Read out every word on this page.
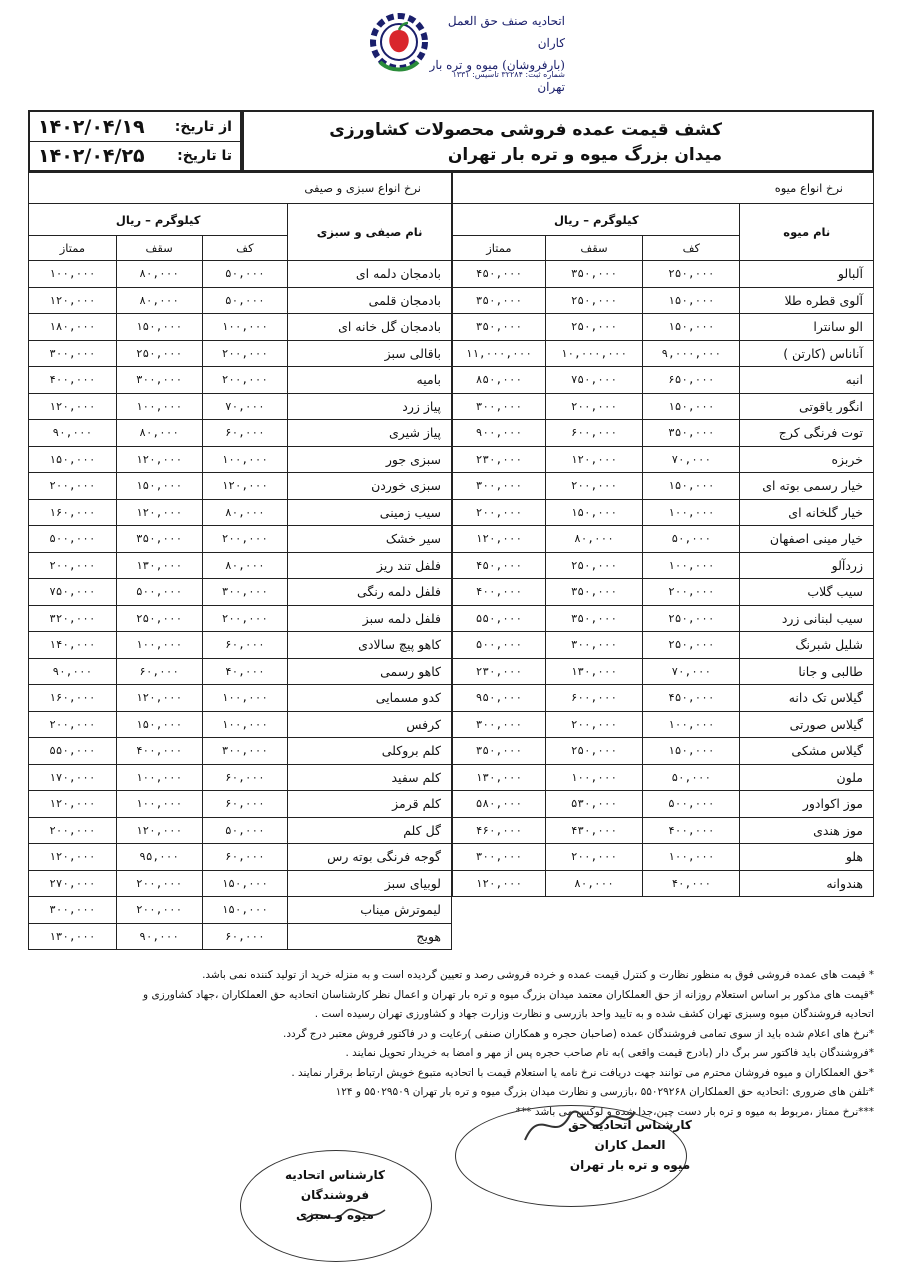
اتحادیه صنف حق العمل کاران
(بارفروشان) میوه و تره بار تهران
شماره ثبت: ۳۲۲۸۴ تاسیس: ۱۳۳۱
از تاریخ:
۱۴۰۲/۰۴/۱۹
تا تاریخ:
۱۴۰۲/۰۴/۲۵
کشف قیمت عمده فروشی محصولات کشاورزی
میدان بزرگ میوه و تره بار تهران
نرخ انواع میوه			
نام میوه	کیلوگرم – ریال		
	کف	سقف	ممتاز
آلبالو	۲۵۰,۰۰۰	۳۵۰,۰۰۰	۴۵۰,۰۰۰
آلوی قطره طلا	۱۵۰,۰۰۰	۲۵۰,۰۰۰	۳۵۰,۰۰۰
الو سانترا	۱۵۰,۰۰۰	۲۵۰,۰۰۰	۳۵۰,۰۰۰
آناناس (کارتن )	۹,۰۰۰,۰۰۰	۱۰,۰۰۰,۰۰۰	۱۱,۰۰۰,۰۰۰
انبه	۶۵۰,۰۰۰	۷۵۰,۰۰۰	۸۵۰,۰۰۰
انگور یاقوتی	۱۵۰,۰۰۰	۲۰۰,۰۰۰	۳۰۰,۰۰۰
توت فرنگی کرج	۳۵۰,۰۰۰	۶۰۰,۰۰۰	۹۰۰,۰۰۰
خربزه	۷۰,۰۰۰	۱۲۰,۰۰۰	۲۳۰,۰۰۰
خیار رسمی بوته ای	۱۵۰,۰۰۰	۲۰۰,۰۰۰	۳۰۰,۰۰۰
خیار گلخانه ای	۱۰۰,۰۰۰	۱۵۰,۰۰۰	۲۰۰,۰۰۰
خیار مینی اصفهان	۵۰,۰۰۰	۸۰,۰۰۰	۱۲۰,۰۰۰
زردآلو	۱۰۰,۰۰۰	۲۵۰,۰۰۰	۴۵۰,۰۰۰
سیب گلاب	۲۰۰,۰۰۰	۳۵۰,۰۰۰	۴۰۰,۰۰۰
سیب لبنانی زرد	۲۵۰,۰۰۰	۳۵۰,۰۰۰	۵۵۰,۰۰۰
شلیل شبرنگ	۲۵۰,۰۰۰	۳۰۰,۰۰۰	۵۰۰,۰۰۰
طالبی و جانا	۷۰,۰۰۰	۱۳۰,۰۰۰	۲۳۰,۰۰۰
گیلاس تک دانه	۴۵۰,۰۰۰	۶۰۰,۰۰۰	۹۵۰,۰۰۰
گیلاس صورتی	۱۰۰,۰۰۰	۲۰۰,۰۰۰	۳۰۰,۰۰۰
گیلاس مشکی	۱۵۰,۰۰۰	۲۵۰,۰۰۰	۳۵۰,۰۰۰
ملون	۵۰,۰۰۰	۱۰۰,۰۰۰	۱۳۰,۰۰۰
موز اکوادور	۵۰۰,۰۰۰	۵۳۰,۰۰۰	۵۸۰,۰۰۰
موز هندی	۴۰۰,۰۰۰	۴۳۰,۰۰۰	۴۶۰,۰۰۰
هلو	۱۰۰,۰۰۰	۲۰۰,۰۰۰	۳۰۰,۰۰۰
هندوانه	۴۰,۰۰۰	۸۰,۰۰۰	۱۲۰,۰۰۰
نرخ انواع سبزی و صیفی			
نام صیفی و سبزی	کیلوگرم – ریال		
	کف	سقف	ممتاز
بادمجان دلمه ای	۵۰,۰۰۰	۸۰,۰۰۰	۱۰۰,۰۰۰
بادمجان قلمی	۵۰,۰۰۰	۸۰,۰۰۰	۱۲۰,۰۰۰
بادمجان گل خانه ای	۱۰۰,۰۰۰	۱۵۰,۰۰۰	۱۸۰,۰۰۰
باقالی سبز	۲۰۰,۰۰۰	۲۵۰,۰۰۰	۳۰۰,۰۰۰
بامیه	۲۰۰,۰۰۰	۳۰۰,۰۰۰	۴۰۰,۰۰۰
پیاز زرد	۷۰,۰۰۰	۱۰۰,۰۰۰	۱۲۰,۰۰۰
پیاز شیری	۶۰,۰۰۰	۸۰,۰۰۰	۹۰,۰۰۰
سبزی جور	۱۰۰,۰۰۰	۱۲۰,۰۰۰	۱۵۰,۰۰۰
سبزی خوردن	۱۲۰,۰۰۰	۱۵۰,۰۰۰	۲۰۰,۰۰۰
سیب زمینی	۸۰,۰۰۰	۱۲۰,۰۰۰	۱۶۰,۰۰۰
سیر خشک	۲۰۰,۰۰۰	۳۵۰,۰۰۰	۵۰۰,۰۰۰
فلفل تند ریز	۸۰,۰۰۰	۱۳۰,۰۰۰	۲۰۰,۰۰۰
فلفل دلمه رنگی	۳۰۰,۰۰۰	۵۰۰,۰۰۰	۷۵۰,۰۰۰
فلفل دلمه سبز	۲۰۰,۰۰۰	۲۵۰,۰۰۰	۳۲۰,۰۰۰
کاهو پیچ سالادی	۶۰,۰۰۰	۱۰۰,۰۰۰	۱۴۰,۰۰۰
کاهو رسمی	۴۰,۰۰۰	۶۰,۰۰۰	۹۰,۰۰۰
کدو مسمایی	۱۰۰,۰۰۰	۱۲۰,۰۰۰	۱۶۰,۰۰۰
کرفس	۱۰۰,۰۰۰	۱۵۰,۰۰۰	۲۰۰,۰۰۰
کلم بروکلی	۳۰۰,۰۰۰	۴۰۰,۰۰۰	۵۵۰,۰۰۰
کلم سفید	۶۰,۰۰۰	۱۰۰,۰۰۰	۱۷۰,۰۰۰
کلم قرمز	۶۰,۰۰۰	۱۰۰,۰۰۰	۱۲۰,۰۰۰
گل کلم	۵۰,۰۰۰	۱۲۰,۰۰۰	۲۰۰,۰۰۰
گوجه فرنگی بوته رس	۶۰,۰۰۰	۹۵,۰۰۰	۱۲۰,۰۰۰
لوبیای سبز	۱۵۰,۰۰۰	۲۰۰,۰۰۰	۲۷۰,۰۰۰
لیموترش میناب	۱۵۰,۰۰۰	۲۰۰,۰۰۰	۳۰۰,۰۰۰
هویج	۶۰,۰۰۰	۹۰,۰۰۰	۱۳۰,۰۰۰

* قیمت های عمده فروشی فوق به منظور نظارت و کنترل قیمت عمده و خرده فروشی رصد و تعیین گردیده است و به منزله خرید از تولید کننده نمی باشد.

*قیمت های مذکور بر اساس استعلام روزانه از حق العملکاران معتمد میدان بزرگ میوه و تره بار تهران و اعمال نظر کارشناسان اتحادیه حق العملکاران ،جهاد کشاورزی و

اتحادیه فروشندگان میوه وسبزی تهران کشف شده و به تایید واحد بازرسی و نظارت وزارت جهاد و کشاورزی تهران رسیده است .

*نرخ های اعلام شده باید از سوی تمامی فروشندگان عمده (صاحبان حجره و همکاران صنفی )رعایت و در فاکتور فروش معتبر درج گردد.

*فروشندگان باید فاکتور سر برگ دار (بادرج قیمت واقعی )به نام صاحب حجره پس از مهر و امضا به خریدار تحویل نمایند .

*حق العملکاران و میوه فروشان محترم می توانند جهت دریافت نرخ نامه یا استعلام قیمت با اتحادیه متبوع خویش ارتباط برقرار نمایند .

*تلفن های ضروری :اتحادیه حق العملکاران ۵۵۰۲۹۲۶۸ ،بازرسی و نظارت میدان بزرگ میوه و تره بار تهران ۵۵۰۲۹۵۰۹ و ۱۲۴

***نرخ ممتاز ،مربوط به میوه و تره بار دست چین،جدا شده و لوکس می باشد ***

کارشناس اتحادیه حق العمل کاران
میوه و تره بار تهران
کارشناس اتحادیه فروشندگان
میوه و سبزی
